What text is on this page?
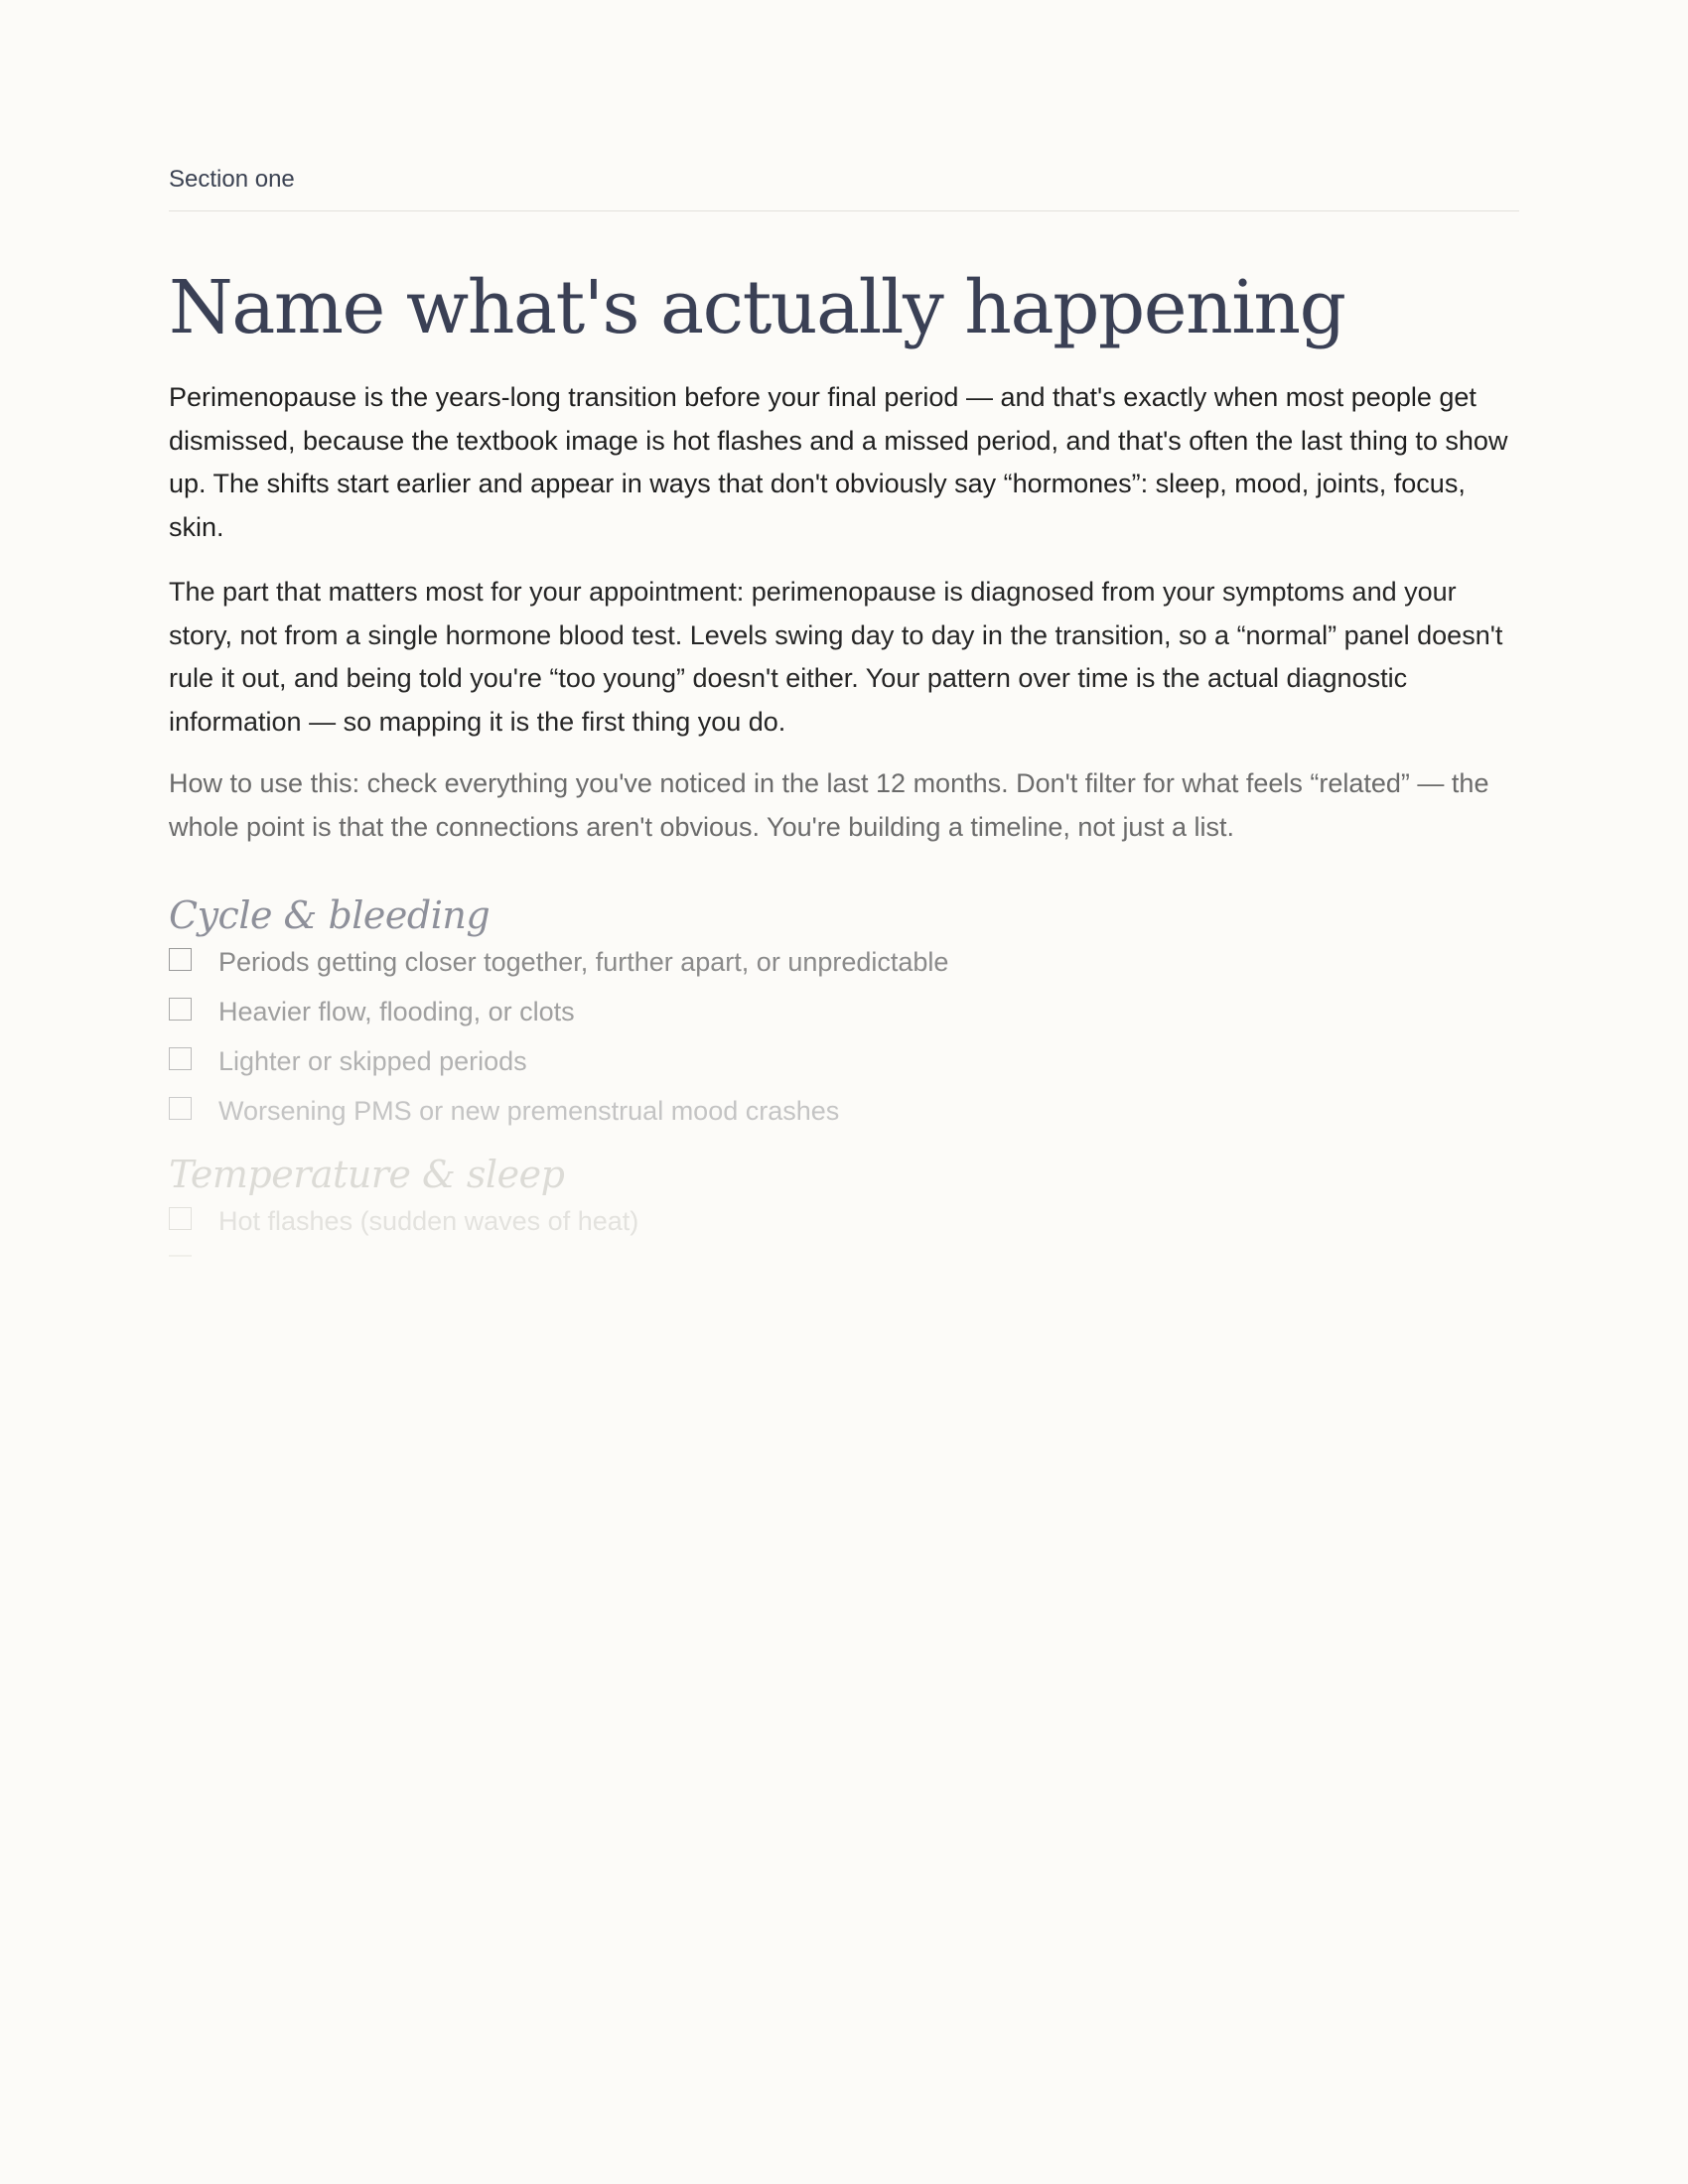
Section one
Name what's actually happening

Perimenopause is the years-long transition before your final period — and that's exactly when most people get dismissed, because the textbook image is hot flashes and a missed period, and that's often the last thing to show up. The shifts start earlier and appear in ways that don't obviously say “hormones”: sleep, mood, joints, focus, skin.

The part that matters most for your appointment: perimenopause is diagnosed from your symptoms and your story, not from a single hormone blood test. Levels swing day to day in the transition, so a “normal” panel doesn't rule it out, and being told you're “too young” doesn't either. Your pattern over time is the actual diagnostic information — so mapping it is the first thing you do.

How to use this: check everything you've noticed in the last 12 months. Don't filter for what feels “related” — the whole point is that the connections aren't obvious. You're building a timeline, not just a list.

Cycle & bleeding
Periods getting closer together, further apart, or unpredictable
Heavier flow, flooding, or clots
Lighter or skipped periods
Worsening PMS or new premenstrual mood crashes
Temperature & sleep
Hot flashes (sudden waves of heat)
